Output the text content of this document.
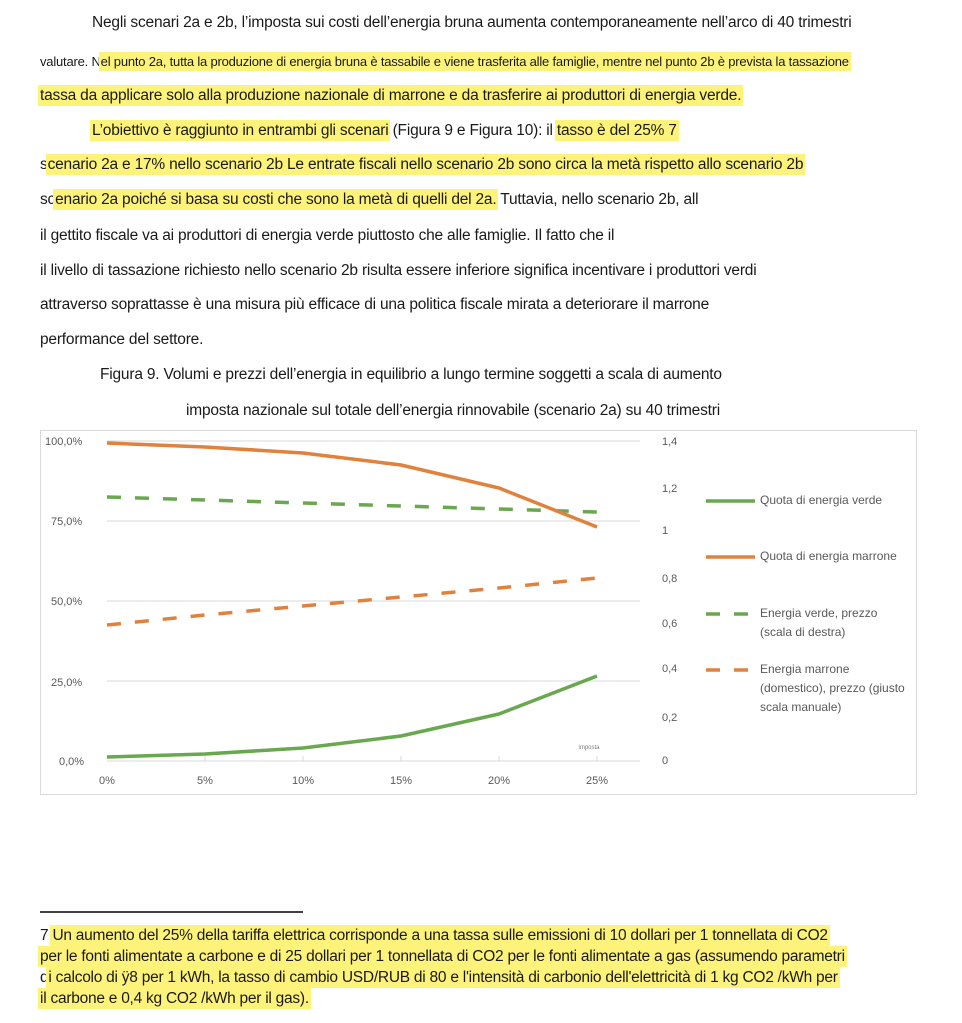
Negli scenari 2a e 2b, l’imposta sui costi dell’energia bruna aumenta contemporaneamente nell’arco di 40 trimestri
valutare. Nel punto 2a, tutta la produzione di energia bruna è tassabile e viene trasferita alle famiglie, mentre nel punto 2b è prevista la tassazione
tassa da applicare solo alla produzione nazionale di marrone e da trasferire ai produttori di energia verde.
L’obiettivo è raggiunto in entrambi gli scenari (Figura 9 e Figura 10): il tasso è del 25% 7
scenario 2a e 17% nello scenario 2b Le entrate fiscali nello scenario 2b sono circa la metà rispetto allo scenario 2b
scenario 2a poiché si basa su costi che sono la metà di quelli del 2a. Tuttavia, nello scenario 2b, all
il gettito fiscale va ai produttori di energia verde piuttosto che alle famiglie. Il fatto che il
il livello di tassazione richiesto nello scenario 2b risulta essere inferiore significa incentivare i produttori verdi
attraverso soprattasse è una misura più efficace di una politica fiscale mirata a deteriorare il marrone
performance del settore.
Figura 9. Volumi e prezzi dell’energia in equilibrio a lungo termine soggetti a scala di aumento
imposta nazionale sul totale dell’energia rinnovabile (scenario 2a) su 40 trimestri
100,0%
75,0%
50,0%
25,0%
0,0%
1,4
1,2
1
0,8
0,6
0,4
0,2
0
0%	5%	10%	15%	20%	25%
imposta
Quota di energia verde
Quota di energia marrone
Energia verde, prezzo (scala di destra)
Energia marrone (domestico), prezzo (giusto scala manuale)
7 Un aumento del 25% della tariffa elettrica corrisponde a una tassa sulle emissioni di 10 dollari per 1 tonnellata di CO2
per le fonti alimentate a carbone e di 25 dollari per 1 tonnellata di CO2 per le fonti alimentate a gas (assumendo parametri
di calcolo di ÿ8 per 1 kWh, la tasso di cambio USD/RUB di 80 e l'intensità di carbonio dell'elettricità di 1 kg CO2 /kWh per
il carbone e 0,4 kg CO2 /kWh per il gas).
